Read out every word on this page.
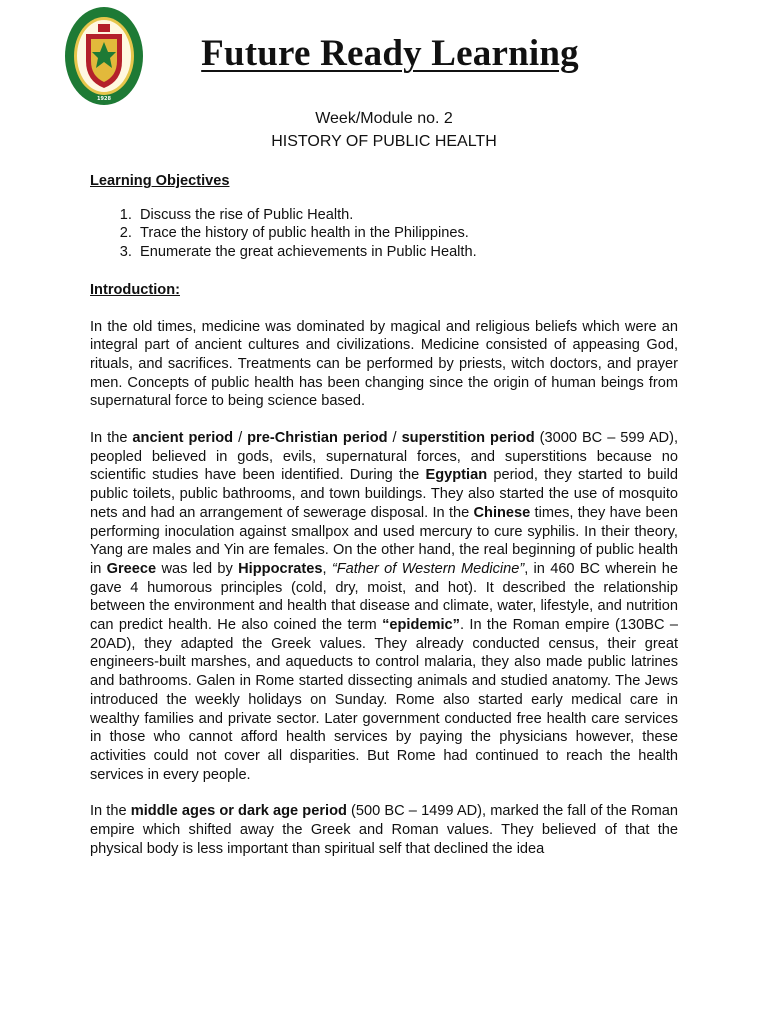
1928
Future Ready Learning
Week/Module no. 2
HISTORY OF PUBLIC HEALTH
Learning Objectives
1. Discuss the rise of Public Health.
2. Trace the history of public health in the Philippines.
3. Enumerate the great achievements in Public Health.
Introduction:

In the old times, medicine was dominated by magical and religious beliefs which were an integral part of ancient cultures and civilizations. Medicine consisted of appeasing God, rituals, and sacrifices. Treatments can be performed by priests, witch doctors, and prayer men. Concepts of public health has been changing since the origin of human beings from supernatural force to being science based.

In the ancient period / pre-Christian period / superstition period (3000 BC – 599 AD), peopled believed in gods, evils, supernatural forces, and superstitions because no scientific studies have been identified. During the Egyptian period, they started to build public toilets, public bathrooms, and town buildings. They also started the use of mosquito nets and had an arrangement of sewerage disposal. In the Chinese times, they have been performing inoculation against smallpox and used mercury to cure syphilis. In their theory, Yang are males and Yin are females. On the other hand, the real beginning of public health in Greece was led by Hippocrates, “Father of Western Medicine”, in 460 BC wherein he gave 4 humorous principles (cold, dry, moist, and hot). It described the relationship between the environment and health that disease and climate, water, lifestyle, and nutrition can predict health. He also coined the term “epidemic”. In the Roman empire (130BC – 20AD), they adapted the Greek values. They already conducted census, their great engineers-built marshes, and aqueducts to control malaria, they also made public latrines and bathrooms. Galen in Rome started dissecting animals and studied anatomy. The Jews introduced the weekly holidays on Sunday. Rome also started early medical care in wealthy families and private sector. Later government conducted free health care services in those who cannot afford health services by paying the physicians however, these activities could not cover all disparities. But Rome had continued to reach the health services in every people.

In the middle ages or dark age period (500 BC – 1499 AD), marked the fall of the Roman empire which shifted away the Greek and Roman values. They believed of that the physical body is less important than spiritual self that declined the idea
